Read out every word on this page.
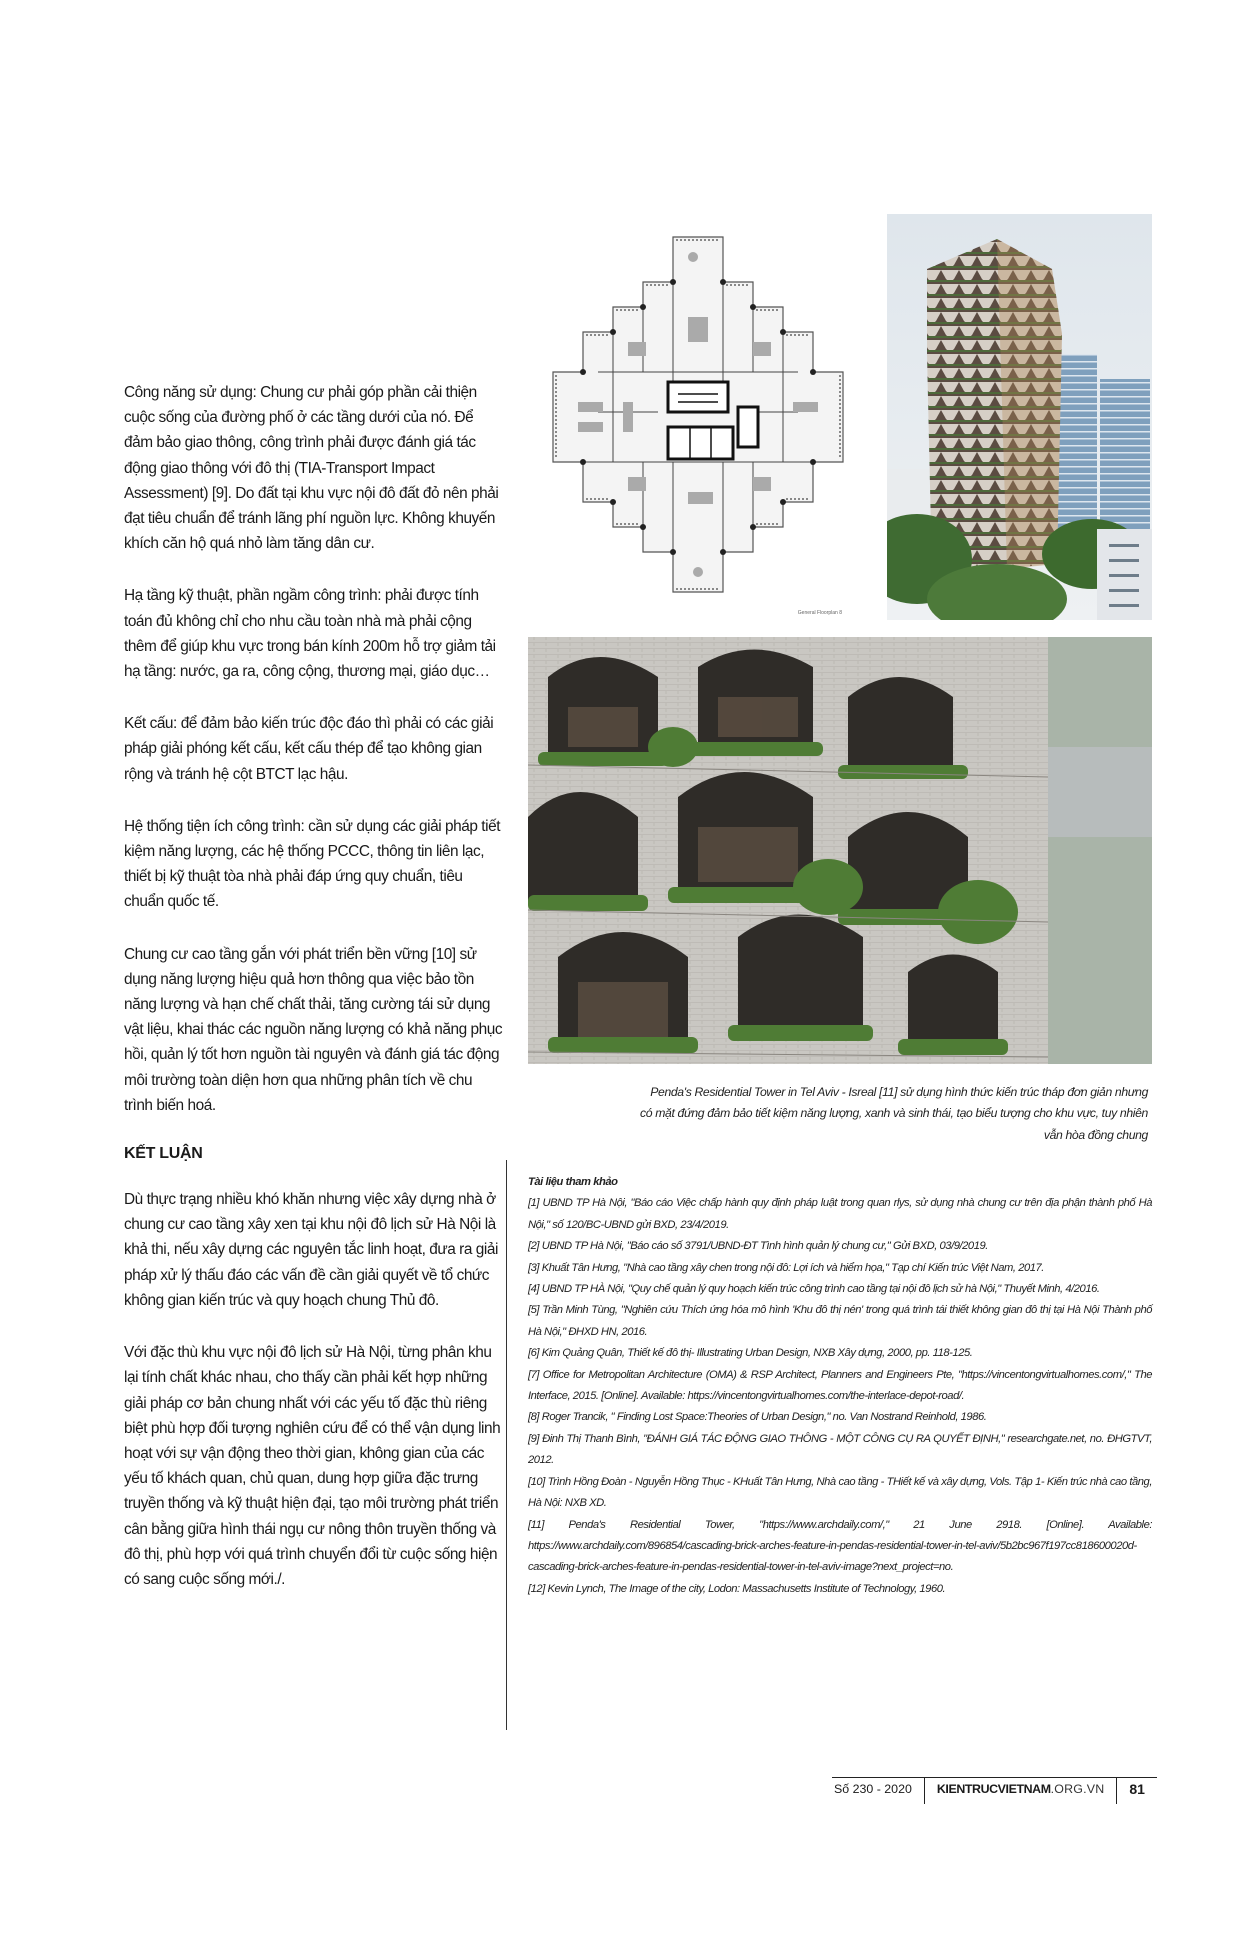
Công năng sử dụng: Chung cư phải góp phần cải thiện cuộc sống của đường phố ở các tầng dưới của nó. Để đảm bảo giao thông, công trình phải được đánh giá tác động giao thông với đô thị (TIA-Transport Impact Assessment) [9]. Do đất tại khu vực nội đô đất đỏ nên phải đạt tiêu chuẩn để tránh lãng phí nguồn lực. Không khuyến khích căn hộ quá nhỏ làm tăng dân cư.

Hạ tầng kỹ thuật, phần ngầm công trình: phải được tính toán đủ không chỉ cho nhu cầu toàn nhà mà phải cộng thêm để giúp khu vực trong bán kính 200m hỗ trợ giảm tải hạ tầng: nước, ga ra, công cộng, thương mại, giáo dục…

Kết cấu: để đảm bảo kiến trúc độc đáo thì phải có các giải pháp giải phóng kết cấu, kết cấu thép để tạo không gian rộng và tránh hệ cột BTCT lạc hậu.

Hệ thống tiện ích công trình: cần sử dụng các giải pháp tiết kiệm năng lượng, các hệ thống PCCC, thông tin liên lạc, thiết bị kỹ thuật tòa nhà phải đáp ứng quy chuẩn, tiêu chuẩn quốc tế.

Chung cư cao tầng gắn với phát triển bền vững [10] sử dụng năng lượng hiệu quả hơn thông qua việc bảo tồn năng lượng và hạn chế chất thải, tăng cường tái sử dụng vật liệu, khai thác các nguồn năng lượng có khả năng phục hồi, quản lý tốt hơn nguồn tài nguyên và đánh giá tác động môi trường toàn diện hơn qua những phân tích về chu trình biến hoá.

KẾT LUẬN

Dù thực trạng nhiều khó khăn nhưng việc xây dựng nhà ở chung cư cao tầng xây xen tại khu nội đô lịch sử Hà Nội là khả thi, nếu xây dựng các nguyên tắc linh hoạt, đưa ra giải pháp xử lý thấu đáo các vấn đề cần giải quyết về tổ chức không gian kiến trúc và quy hoạch chung Thủ đô.

Với đặc thù khu vực nội đô lịch sử Hà Nội, từng phân khu lại tính chất khác nhau, cho thấy cần phải kết hợp những giải pháp cơ bản chung nhất với các yếu tố đặc thù riêng biệt phù hợp đối tượng nghiên cứu để có thể vận dụng linh hoạt với sự vận động theo thời gian, không gian của các yếu tố khách quan, chủ quan, dung hợp giữa đặc trưng truyền thống và kỹ thuật hiện đại, tạo môi trường phát triển cân bằng giữa hình thái ngụ cư nông thôn truyền thống và đô thị, phù hợp với quá trình chuyển đổi từ cuộc sống hiện có sang cuộc sống mới./.

General Floorplan 8
Penda's Residential Tower in Tel Aviv - Isreal [11] sử dụng hình thức kiến trúc tháp đơn giản nhưng có mặt đứng đảm bảo tiết kiệm năng lượng, xanh và sinh thái, tạo biểu tượng cho khu vực, tuy nhiên vẫn hòa đồng chung
Tài liệu tham khảo
[1] UBND TP Hà Nội, "Báo cáo Việc chấp hành quy định pháp luật trong quan rlys, sử dụng nhà chung cư trên địa phận thành phố Hà Nội," số 120/BC-UBND gửi BXD, 23/4/2019.
[2] UBND TP Hà Nội, "Báo cáo số 3791/UBND-ĐT Tình hình quản lý chung cư," Gửi BXD, 03/9/2019.
[3] Khuất Tân Hưng, "Nhà cao tầng xây chen trong nội đô: Lợi ích và hiểm họa," Tạp chí Kiến trúc Việt Nam, 2017.
[4] UBND TP HÀ Nội, "Quy chế quản lý quy hoạch kiến trúc công trình cao tầng tại nội đô lịch sử hà Nội," Thuyết Minh, 4/2016.
[5] Trần Minh Tùng, "Nghiên cứu Thích ứng hóa mô hình 'Khu đô thị nén' trong quá trình tái thiết không gian đô thị tại Hà Nội Thành phố Hà Nội," ĐHXD HN, 2016.
[6] Kim Quảng Quân, Thiết kế đô thị- Illustrating Urban Design, NXB Xây dựng, 2000, pp. 118-125.
[7] Office for Metropolitan Architecture (OMA) & RSP Architect, Planners and Engineers Pte, "https://vincentongvirtualhomes.com/," The Interface, 2015. [Online]. Available: https://vincentongvirtualhomes.com/the-interlace-depot-road/.
[8] Roger Trancik, " Finding Lost Space:Theories of Urban Design," no. Van Nostrand Reinhold, 1986.
[9] Đinh Thị Thanh Bình, "ĐÁNH GIÁ TÁC ĐỘNG GIAO THÔNG - MỘT CÔNG CỤ RA QUYẾT ĐỊNH," researchgate.net, no. ĐHGTVT, 2012.
[10] Trình Hồng Đoàn - Nguyễn Hồng Thục - KHuất Tân Hưng, Nhà cao tầng - THiết kế và xây dựng, Vols. Tập 1- Kiến trúc nhà cao tầng, Hà Nội: NXB XD.
[11] Penda's Residential Tower, "https://www.archdaily.com/," 21 June 2918. [Online]. Available: https://www.archdaily.com/896854/cascading-brick-arches-feature-in-pendas-residential-tower-in-tel-aviv/5b2bc967f197cc818600020d-cascading-brick-arches-feature-in-pendas-residential-tower-in-tel-aviv-image?next_project=no.
[12] Kevin Lynch, The Image of the city, Lodon: Massachusetts Institute of Technology, 1960.
Số 230 - 2020	KIENTRUCVIETNAM .ORG.VN	81
